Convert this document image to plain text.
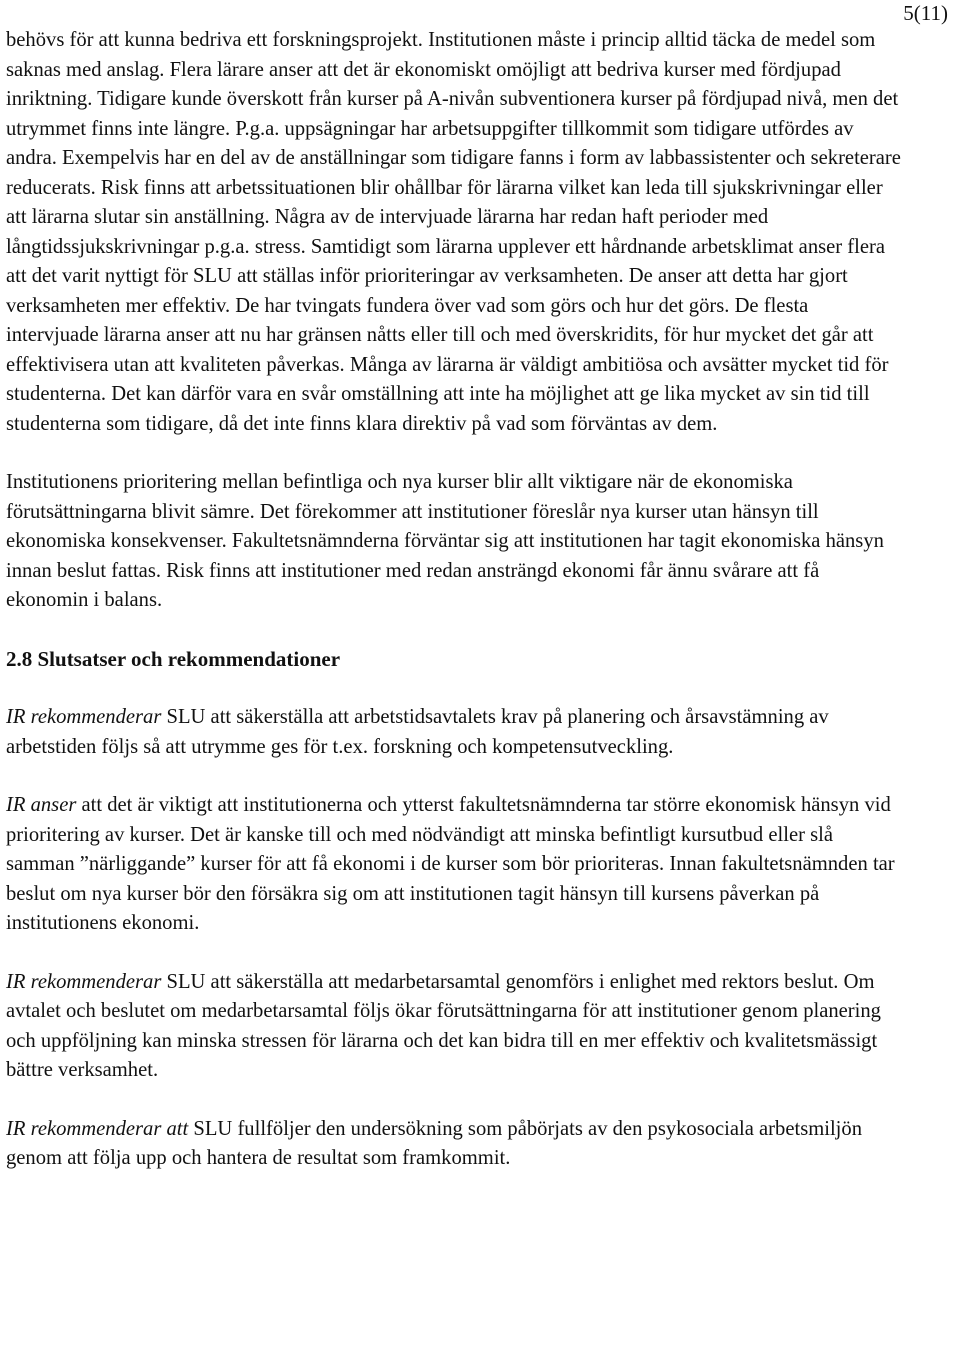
5(11)

behövs för att kunna bedriva ett forskningsprojekt. Institutionen måste i princip alltid täcka de medel som saknas med anslag. Flera lärare anser att det är ekonomiskt omöjligt att bedriva kurser med fördjupad inriktning. Tidigare kunde överskott från kurser på A-nivån subventionera kurser på fördjupad nivå, men det utrymmet finns inte längre. P.g.a. uppsägningar har arbetsuppgifter tillkommit som tidigare utfördes av andra. Exempelvis har en del av de anställningar som tidigare fanns i form av labbassistenter och sekreterare reducerats. Risk finns att arbetssituationen blir ohållbar för lärarna vilket kan leda till sjukskrivningar eller att lärarna slutar sin anställning. Några av de intervjuade lärarna har redan haft perioder med långtidssjukskrivningar p.g.a. stress. Samtidigt som lärarna upplever ett hårdnande arbetsklimat anser flera att det varit nyttigt för SLU att ställas inför prioriteringar av verksamheten. De anser att detta har gjort verksamheten mer effektiv. De har tvingats fundera över vad som görs och hur det görs. De flesta intervjuade lärarna anser att nu har gränsen nåtts eller till och med överskridits, för hur mycket det går att effektivisera utan att kvaliteten påverkas. Många av lärarna är väldigt ambitiösa och avsätter mycket tid för studenterna. Det kan därför vara en svår omställning att inte ha möjlighet att ge lika mycket av sin tid till studenterna som tidigare, då det inte finns klara direktiv på vad som förväntas av dem.

Institutionens prioritering mellan befintliga och nya kurser blir allt viktigare när de ekonomiska förutsättningarna blivit sämre. Det förekommer att institutioner föreslår nya kurser utan hänsyn till ekonomiska konsekvenser. Fakultetsnämnderna förväntar sig att institutionen har tagit ekonomiska hänsyn innan beslut fattas. Risk finns att institutioner med redan ansträngd ekonomi får ännu svårare att få ekonomin i balans.

2.8 Slutsatser och rekommendationer

IR rekommenderar SLU att säkerställa att arbetstidsavtalets krav på planering och årsavstämning av arbetstiden följs så att utrymme ges för t.ex. forskning och kompetensutveckling.

IR anser att det är viktigt att institutionerna och ytterst fakultetsnämnderna tar större ekonomisk hänsyn vid prioritering av kurser. Det är kanske till och med nödvändigt att minska befintligt kursutbud eller slå samman ”närliggande” kurser för att få ekonomi i de kurser som bör prioriteras. Innan fakultetsnämnden tar beslut om nya kurser bör den försäkra sig om att institutionen tagit hänsyn till kursens påverkan på institutionens ekonomi.

IR rekommenderar SLU att säkerställa att medarbetarsamtal genomförs i enlighet med rektors beslut. Om avtalet och beslutet om medarbetarsamtal följs ökar förutsättningarna för att institutioner genom planering och uppföljning kan minska stressen för lärarna och det kan bidra till en mer effektiv och kvalitetsmässigt bättre verksamhet.

IR rekommenderar att SLU fullföljer den undersökning som påbörjats av den psykosociala arbetsmiljön genom att följa upp och hantera de resultat som framkommit.
